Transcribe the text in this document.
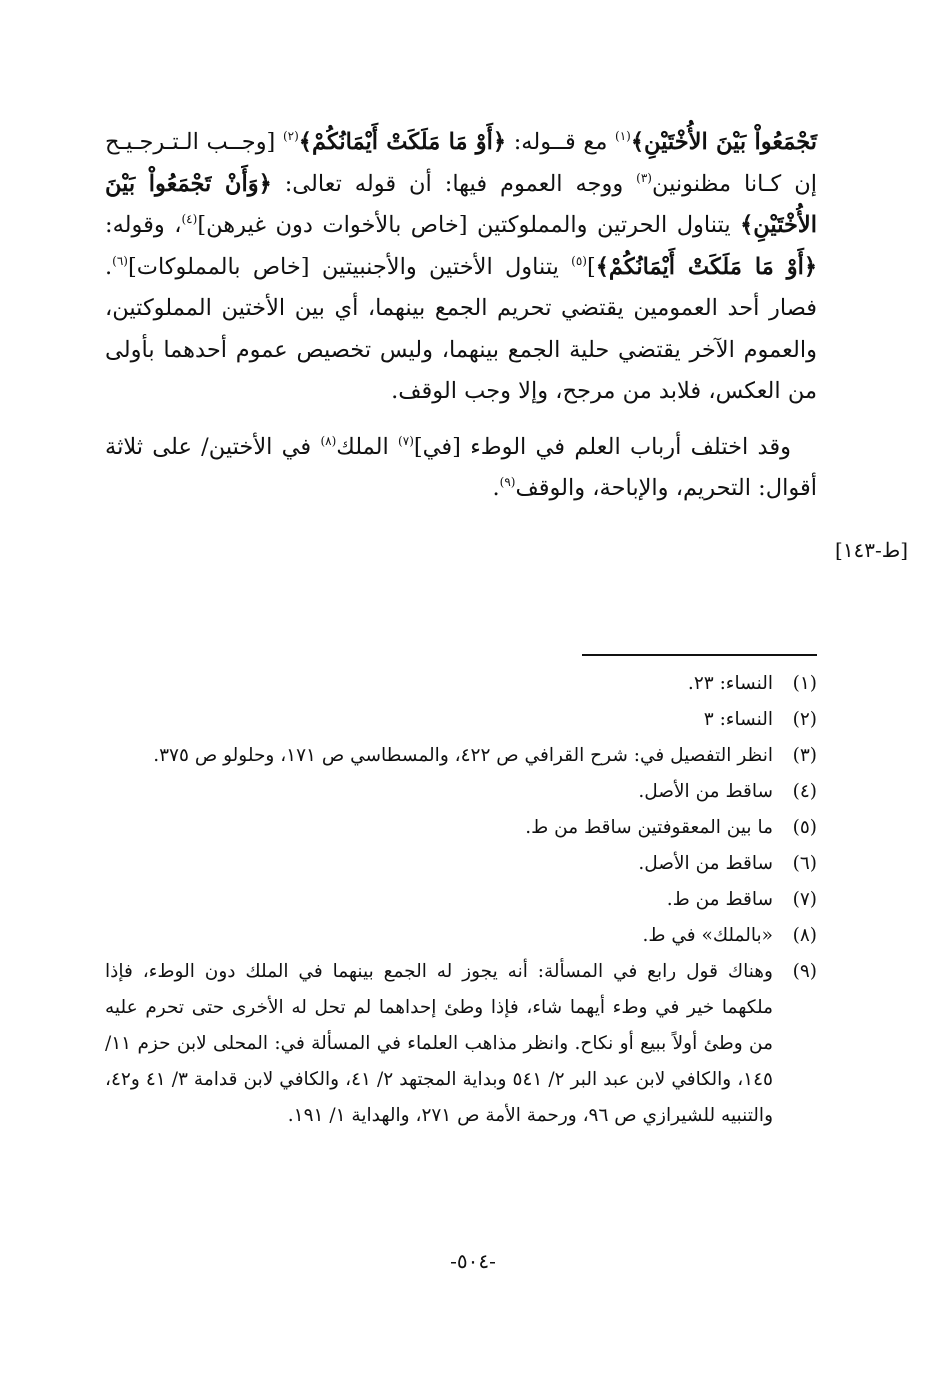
تَجْمَعُواْ بَيْنَ الأُخْتَيْنِ﴾$^{(١)}$ مع قــوله: ﴿أَوْ مَا مَلَكَتْ أَيْمَانُكُمْ﴾$^{(٢)}$ [وجــب الـتـرجـيـح إن كـانا مظنونين$^{(٣)}$ ووجه العموم فيها: أن قوله تعالى: ﴿وَأَنْ تَجْمَعُواْ بَيْنَ الأُخْتَيْنِ﴾ يتناول الحرتين والمملوكتين [خاص بالأخوات دون غيرهن]$^{(٤)}$، وقوله: ﴿أَوْ مَا مَلَكَتْ أَيْمَانُكُمْ﴾]$^{(٥)}$ يتناول الأختين والأجنبيتين [خاص بالمملوكات]$^{(٦)}$. فصار أحد العمومين يقتضي تحريم الجمع بينهما، أي بين الأختين المملوكتين، والعموم الآخر يقتضي حلية الجمع بينهما، وليس تخصيص عموم أحدهما بأولى من العكس، فلابد من مرجح، وإلا وجب الوقف.

وقد اختلف أرباب العلم في الوطء [في]$^{(٧)}$ الملك$^{(٨)}$ في الأختين/ على ثلاثة أقوال: التحريم، والإباحة، والوقف$^{(٩)}$.

[ط-١٤٣]
(١)
النساء: ٢٣.
(٢)
النساء: ٣
(٣)
انظر التفصيل في: شرح القرافي ص ٤٢٢، والمسطاسي ص ١٧١، وحلولو ص ٣٧٥.
(٤)
ساقط من الأصل.
(٥)
ما بين المعقوفتين ساقط من ط.
(٦)
ساقط من الأصل.
(٧)
ساقط من ط.
(٨)
«بالملك» في ط.
(٩)
وهناك قول رابع في المسألة: أنه يجوز له الجمع بينهما في الملك دون الوطء، فإذا ملكهما خير في وطء أيهما شاء، فإذا وطئ إحداهما لم تحل له الأخرى حتى تحرم عليه من وطئ أولاً ببيع أو نكاح. وانظر مذاهب العلماء في المسألة في: المحلى لابن حزم ١١/ ١٤٥، والكافي لابن عبد البر ٢/ ٥٤١ وبداية المجتهد ٢/ ٤١، والكافي لابن قدامة ٣/ ٤١ و٤٢، والتنبيه للشيرازي ص ٩٦، ورحمة الأمة ص ٢٧١، والهداية ١/ ١٩١.
-٥٠٤-
